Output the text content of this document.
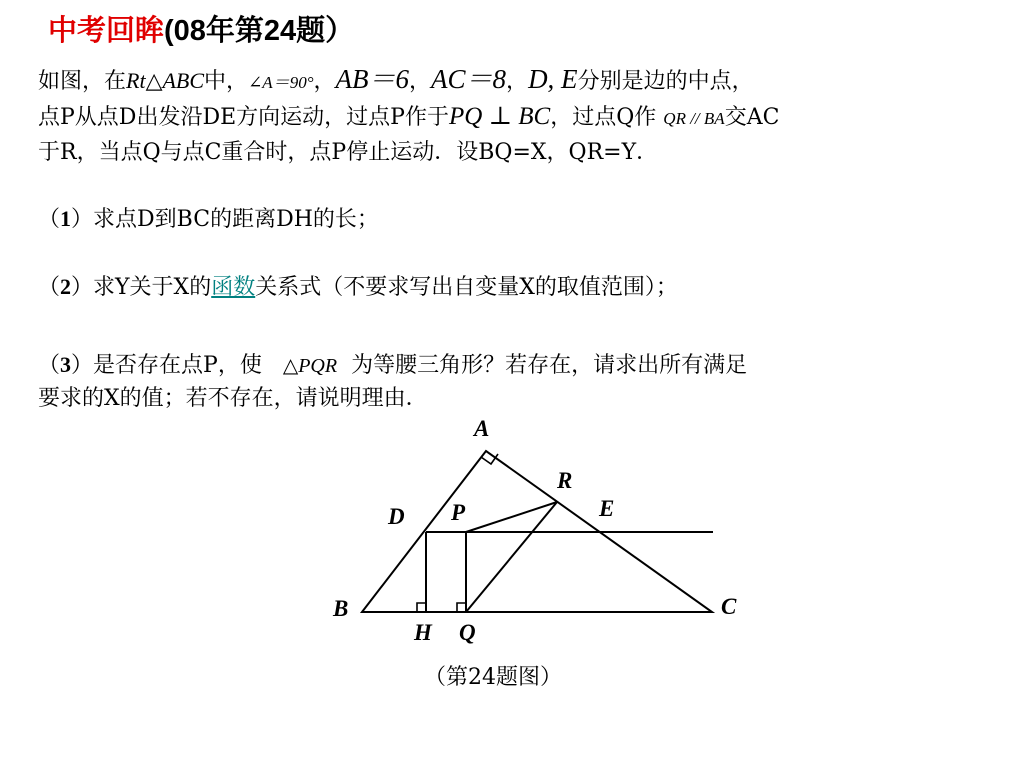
中考回眸(08年第24题）
如图，在Rt△ABC中，∠A＝90°，AB＝6，AC＝8，D, E分别是边的中点，
点P从点D出发沿DE方向运动，过点P作于PQ ⊥ BC，过点Q作 QR // BA交AC
于R，当点Q与点C重合时，点P停止运动．设BQ=X，QR=Y．
（1）求点D到BC的距离DH的长；
（2）求Y关于X的函数关系式（不要求写出自变量X的取值范围）；
（3）是否存在点P，使 △PQR 为等腰三角形？若存在，请求出所有满足
要求的X的值；若不存在，请说明理由．
A
R
E
D P
B	C
H Q
（第24题图）
